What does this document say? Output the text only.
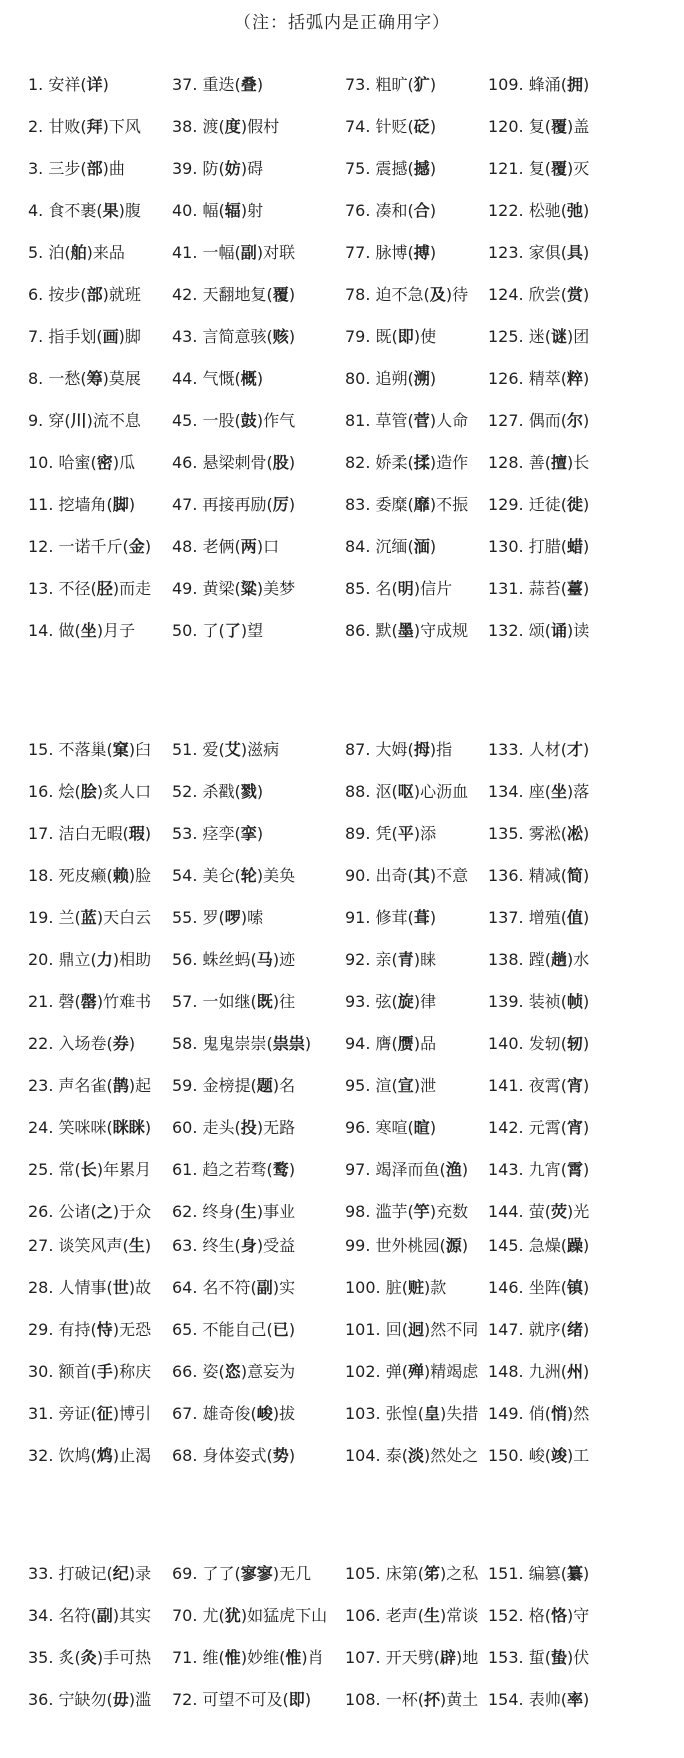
（注：括弧内是正确用字）
1. 安祥(详)	37. 重迭(叠)	73. 粗旷(犷)	109. 蜂涌(拥)
2. 甘败(拜)下风 38. 渡(度)假村	74. 针贬(砭)	120. 复(覆)盖
3. 三步(部)曲	39. 防(妨)碍	75. 震撼(撼)	121. 复(覆)灭
4. 食不裹(果)腹 40. 幅(辐)射	76. 凑和(合)	122. 松驰(弛)
5. 泊(舶)来品	41. 一幅(副)对联	77. 脉博(搏)	123. 家俱(具)
6. 按步(部)就班 42. 天翻地复(覆)	78. 迫不急(及)待 124. 欣尝(赏)
7. 指手划(画)脚 43. 言简意骇(赅)	79. 既(即)使	125. 迷(谜)团
8. 一愁(筹)莫展 44. 气慨(概)	80. 追朔(溯)	126. 精萃(粹)
9. 穿(川)流不息 45. 一股(鼓)作气	81. 草管(菅)人命 127. 偶而(尔)
10. 哈蜜(密)瓜 46. 悬梁刺骨(股)	82. 娇柔(揉)造作 128. 善(擅)长
11. 挖墙角(脚) 47. 再接再励(厉)	83. 委糜(靡)不振 129. 迁徒(徙)
12. 一诺千斤(金) 48. 老俩(两)口	84. 沉缅(湎)	130. 打腊(蜡)
13. 不径(胫)而走 49. 黄梁(粱)美梦	85. 名(明)信片 131. 蒜苔(薹)
14. 做(坐)月子 50. 了(了)望	86. 默(墨)守成规 132. 颂(诵)读
15. 不落巢(窠)臼 51. 爱(艾)滋病	87. 大姆(拇)指 133. 人材(才)
16. 烩(脍)炙人口 52. 杀戳(戮)	88. 沤(呕)心沥血 134. 座(坐)落
17. 洁白无暇(瑕) 53. 痉孪(挛)	89. 凭(平)添	135. 雾淞(凇)
18. 死皮癞(赖)脸 54. 美仑(轮)美奂	90. 出奇(其)不意 136. 精减(简)
19. 兰(蓝)天白云 55. 罗(啰)嗦	91. 修茸(葺)	137. 增殖(值)
20. 鼎立(力)相助 56. 蛛丝蚂(马)迹	92. 亲(青)睐	138. 蹚(趟)水
21. 磬(罄)竹难书 57. 一如继(既)往	93. 弦(旋)律	139. 装祯(帧)
22. 入场卷(券) 58. 鬼鬼崇崇(祟祟) 94. 膺(赝)品	140. 发轫(轫)
23. 声名雀(鹊)起 59. 金榜提(题)名	95. 渲(宣)泄	141. 夜霄(宵)
24. 笑咪咪(眯眯) 60. 走头(投)无路	96. 寒喧(暄)	142. 元霄(宵)
25. 常(长)年累月 61. 趋之若骛(鹜)	97. 竭泽而鱼(渔) 143. 九宵(霄)
26. 公诸(之)于众 62. 终身(生)事业	98. 滥芋(竽)充数 144. 萤(荧)光
27. 谈笑风声(生) 63. 终生(身)受益	99. 世外桃园(源) 145. 急燥(躁)
28. 人情事(世)故 64. 名不符(副)实	100. 脏(赃)款	146. 坐阵(镇)
29. 有持(恃)无恐 65. 不能自己(已)	101. 回(迥)然不同 147. 就序(绪)
30. 额首(手)称庆 66. 姿(恣)意妄为	102. 弹(殚)精竭虑 148. 九洲(州)
31. 旁证(征)博引 67. 雄奇俊(峻)拔	103. 张惶(皇)失措 149. 俏(悄)然
32. 饮鸠(鸩)止渴 68. 身体姿式(势)	104. 泰(淡)然处之 150. 峻(竣)工
33. 打破记(纪)录 69. 了了(寥寥)无几 105. 床第(笫)之私 151. 编篡(纂)
34. 名符(副)其实 70. 尤(犹)如猛虎下山 106. 老声(生)常谈 152. 格(恪)守
35. 炙(灸)手可热 71. 维(惟)妙维(惟)肖 107. 开天劈(辟)地 153. 蜇(蛰)伏
36. 宁缺勿(毋)滥 72. 可望不可及(即) 108. 一杯(抔)黄土 154. 表帅(率)
